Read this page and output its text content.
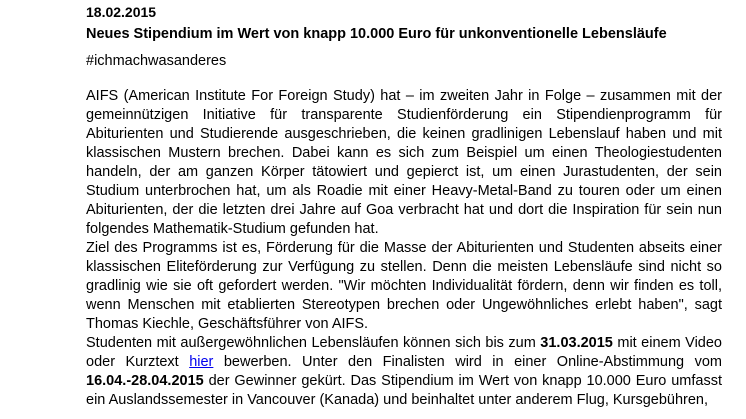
18.02.2015
Neues Stipendium im Wert von knapp 10.000 Euro für unkonventionelle Lebensläufe
#ichmachwasanderes

AIFS (American Institute For Foreign Study) hat – im zweiten Jahr in Folge – zusammen mit der gemeinnützigen Initiative für transparente Studienförderung ein Stipendienprogramm für Abiturienten und Studierende ausgeschrieben, die keinen gradlinigen Lebenslauf haben und mit klassischen Mustern brechen. Dabei kann es sich zum Beispiel um einen Theologiestudenten handeln, der am ganzen Körper tätowiert und gepierct ist, um einen Jurastudenten, der sein Studium unterbrochen hat, um als Roadie mit einer Heavy-Metal-Band zu touren oder um einen Abiturienten, der die letzten drei Jahre auf Goa verbracht hat und dort die Inspiration für sein nun folgendes Mathematik-Studium gefunden hat.

Ziel des Programms ist es, Förderung für die Masse der Abiturienten und Studenten abseits einer klassischen Eliteförderung zur Verfügung zu stellen. Denn die meisten Lebensläufe sind nicht so gradlinig wie sie oft gefordert werden. "Wir möchten Individualität fördern, denn wir finden es toll, wenn Menschen mit etablierten Stereotypen brechen oder Ungewöhnliches erlebt haben", sagt Thomas Kiechle, Geschäftsführer von AIFS.

Studenten mit außergewöhnlichen Lebensläufen können sich bis zum 31.03.2015 mit einem Video oder Kurztext hier bewerben. Unter den Finalisten wird in einer Online-Abstimmung vom 16.04.-28.04.2015 der Gewinner gekürt. Das Stipendium im Wert von knapp 10.000 Euro umfasst ein Auslandssemester in Vancouver (Kanada) und beinhaltet unter anderem Flug, Kursgebühren,
